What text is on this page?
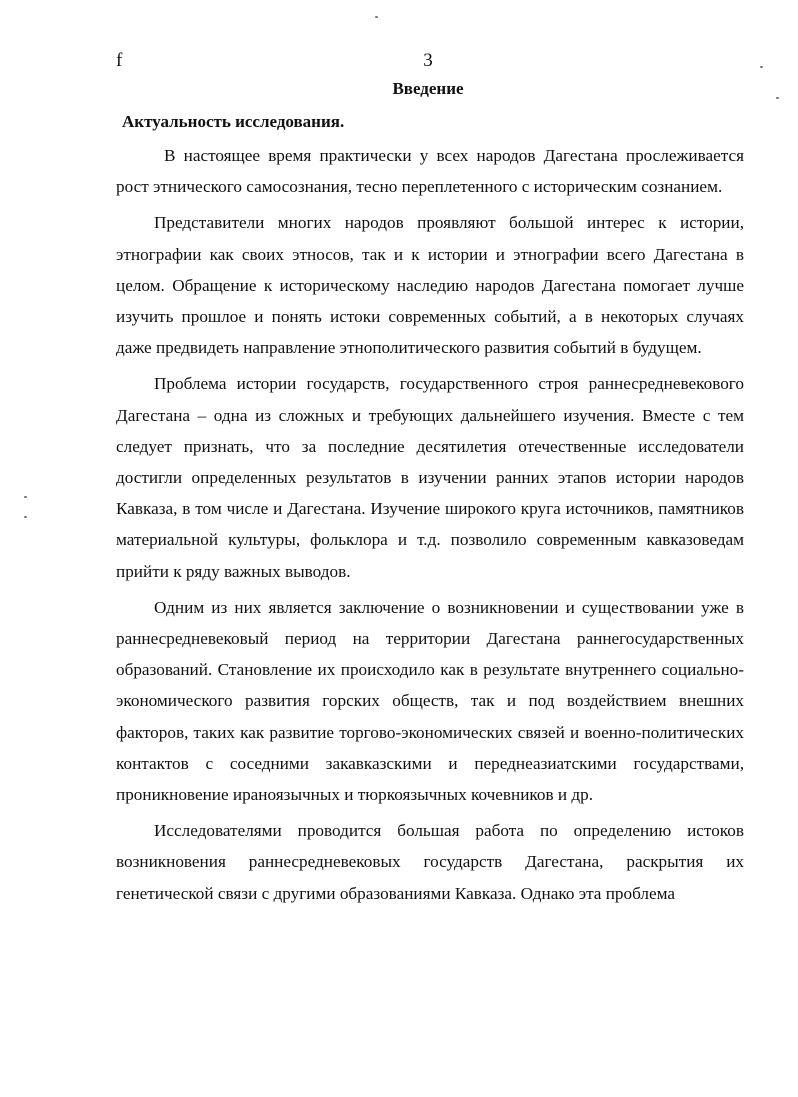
f	3
Введение
Актуальность исследования.

В настоящее время практически у всех народов Дагестана прослеживается рост этнического самосознания, тесно переплетенного с историческим сознанием.

Представители многих народов проявляют большой интерес к истории, этнографии как своих этносов, так и к истории и этнографии всего Дагестана в целом. Обращение к историческому наследию народов Дагестана помогает лучше изучить прошлое и понять истоки современных событий, а в некоторых случаях даже предвидеть направление этнополитического развития событий в будущем.

Проблема истории государств, государственного строя раннесредневекового Дагестана – одна из сложных и требующих дальнейшего изучения. Вместе с тем следует признать, что за последние десятилетия отечественные исследователи достигли определенных результатов в изучении ранних этапов истории народов Кавказа, в том числе и Дагестана. Изучение широкого круга источников, памятников материальной культуры, фольклора и т.д. позволило современным кавказоведам прийти к ряду важных выводов.

Одним из них является заключение о возникновении и существовании уже в раннесредневековый период на территории Дагестана раннегосударственных образований. Становление их происходило как в результате внутреннего социально-экономического развития горских обществ, так и под воздействием внешних факторов, таких как развитие торгово-экономических связей и военно-политических контактов с соседними закавказскими и переднеазиатскими государствами, проникновение ираноязычных и тюркоязычных кочевников и др.

Исследователями проводится большая работа по определению истоков возникновения раннесредневековых государств Дагестана, раскрытия их генетической связи с другими образованиями Кавказа. Однако эта проблема
